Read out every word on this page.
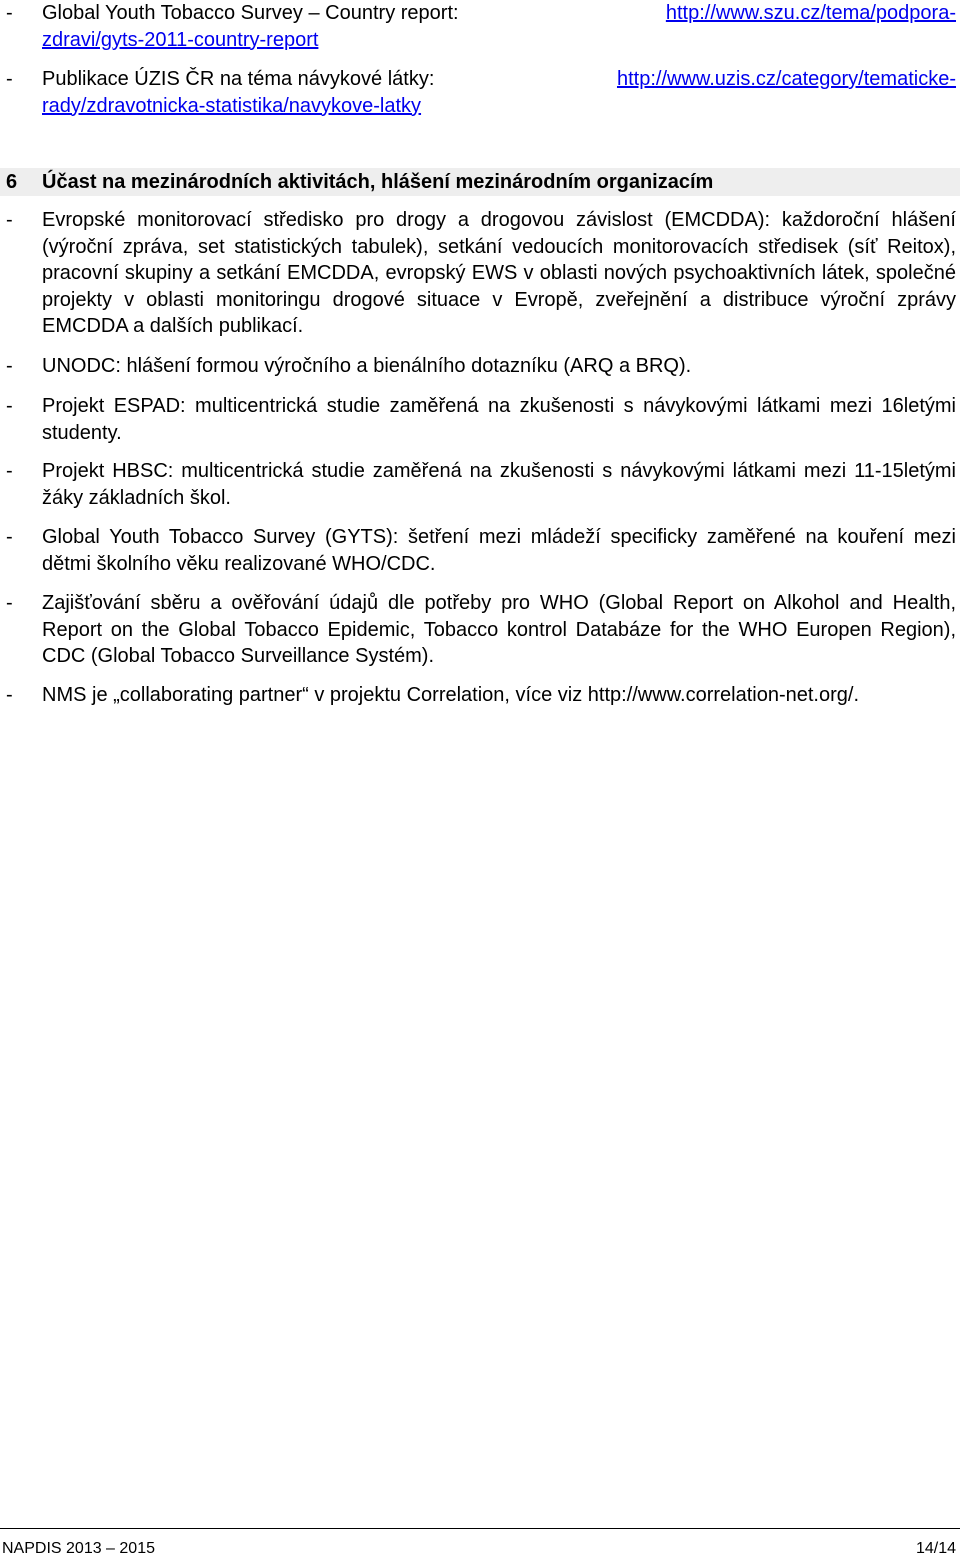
-	Global Youth Tobacco Survey – Country report:	http://www.szu.cz/tema/podpora-
zdravi/gyts-2011-country-report
-	Publikace ÚZIS ČR na téma návykové látky:	http://www.uzis.cz/category/tematicke-
rady/zdravotnicka-statistika/navykove-latky
6 Účast na mezinárodních aktivitách, hlášení mezinárodním organizacím
-	Evropské monitorovací středisko pro drogy a drogovou závislost (EMCDDA): každoroční hlášení (výroční zpráva, set statistických tabulek), setkání vedoucích monitorovacích středisek (síť Reitox), pracovní skupiny a setkání EMCDDA, evropský EWS v oblasti nových psychoaktivních látek, společné projekty v oblasti monitoringu drogové situace v Evropě, zveřejnění a distribuce výroční zprávy EMCDDA a dalších publikací.
-	UNODC: hlášení formou výročního a bienálního dotazníku (ARQ a BRQ).
-	Projekt ESPAD: multicentrická studie zaměřená na zkušenosti s návykovými látkami mezi 16letými studenty.
-	Projekt HBSC: multicentrická studie zaměřená na zkušenosti s návykovými látkami mezi 11-15letými žáky základních škol.
-	Global Youth Tobacco Survey (GYTS): šetření mezi mládeží specificky zaměřené na kouření mezi dětmi školního věku realizované WHO/CDC.
-	Zajišťování sběru a ověřování údajů dle potřeby pro WHO (Global Report on Alkohol and Health, Report on the Global Tobacco Epidemic, Tobacco kontrol Databáze for the WHO Europen Region), CDC (Global Tobacco Surveillance Systém).
-	NMS je „collaborating partner“ v projektu Correlation, více viz http://www.correlation-net.org/.
NAPDIS 2013 – 2015	14/14
